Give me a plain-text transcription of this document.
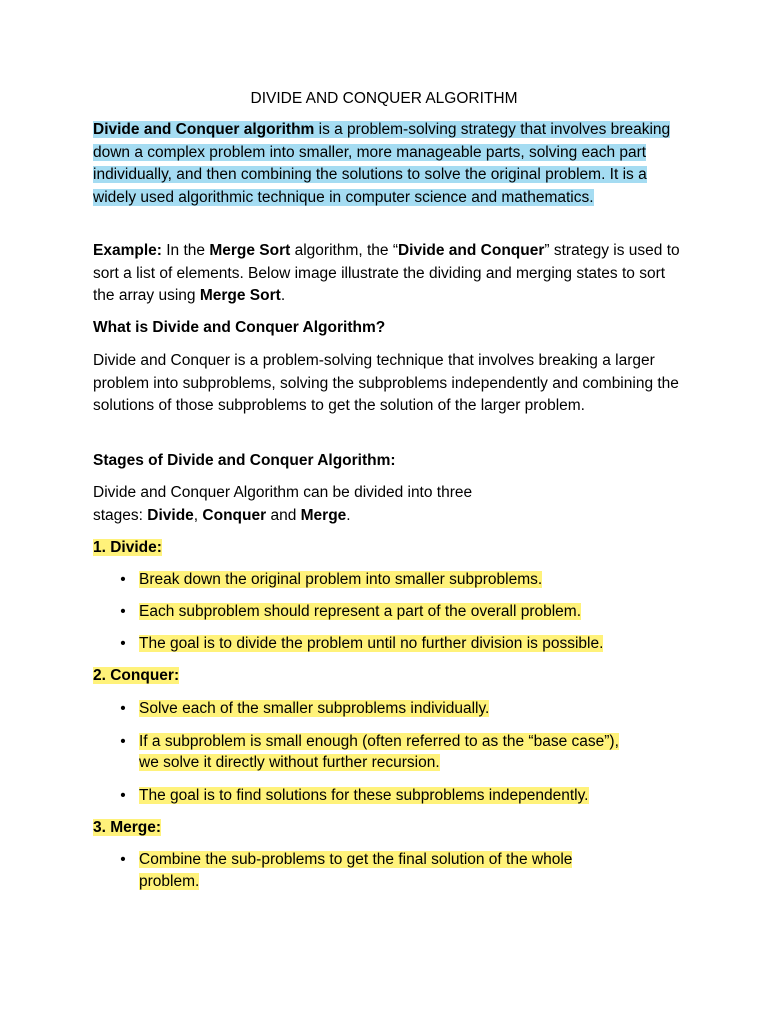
DIVIDE AND CONQUER ALGORITHM
Divide and Conquer algorithm is a problem-solving strategy that involves breaking down a complex problem into smaller, more manageable parts, solving each part individually, and then combining the solutions to solve the original problem. It is a widely used algorithmic technique in computer science and mathematics.
Example: In the Merge Sort algorithm, the “Divide and Conquer” strategy is used to sort a list of elements. Below image illustrate the dividing and merging states to sort the array using Merge Sort.
What is Divide and Conquer Algorithm?
Divide and Conquer is a problem-solving technique that involves breaking a larger problem into subproblems, solving the subproblems independently and combining the solutions of those subproblems to get the solution of the larger problem.
Stages of Divide and Conquer Algorithm:
Divide and Conquer Algorithm can be divided into three
stages: Divide, Conquer and Merge.
1. Divide:
• Break down the original problem into smaller subproblems.
• Each subproblem should represent a part of the overall problem.
• The goal is to divide the problem until no further division is possible.
2. Conquer:
• Solve each of the smaller subproblems individually.
• If a subproblem is small enough (often referred to as the “base case”),
we solve it directly without further recursion.
• The goal is to find solutions for these subproblems independently.
3. Merge:
• Combine the sub-problems to get the final solution of the whole
problem.
